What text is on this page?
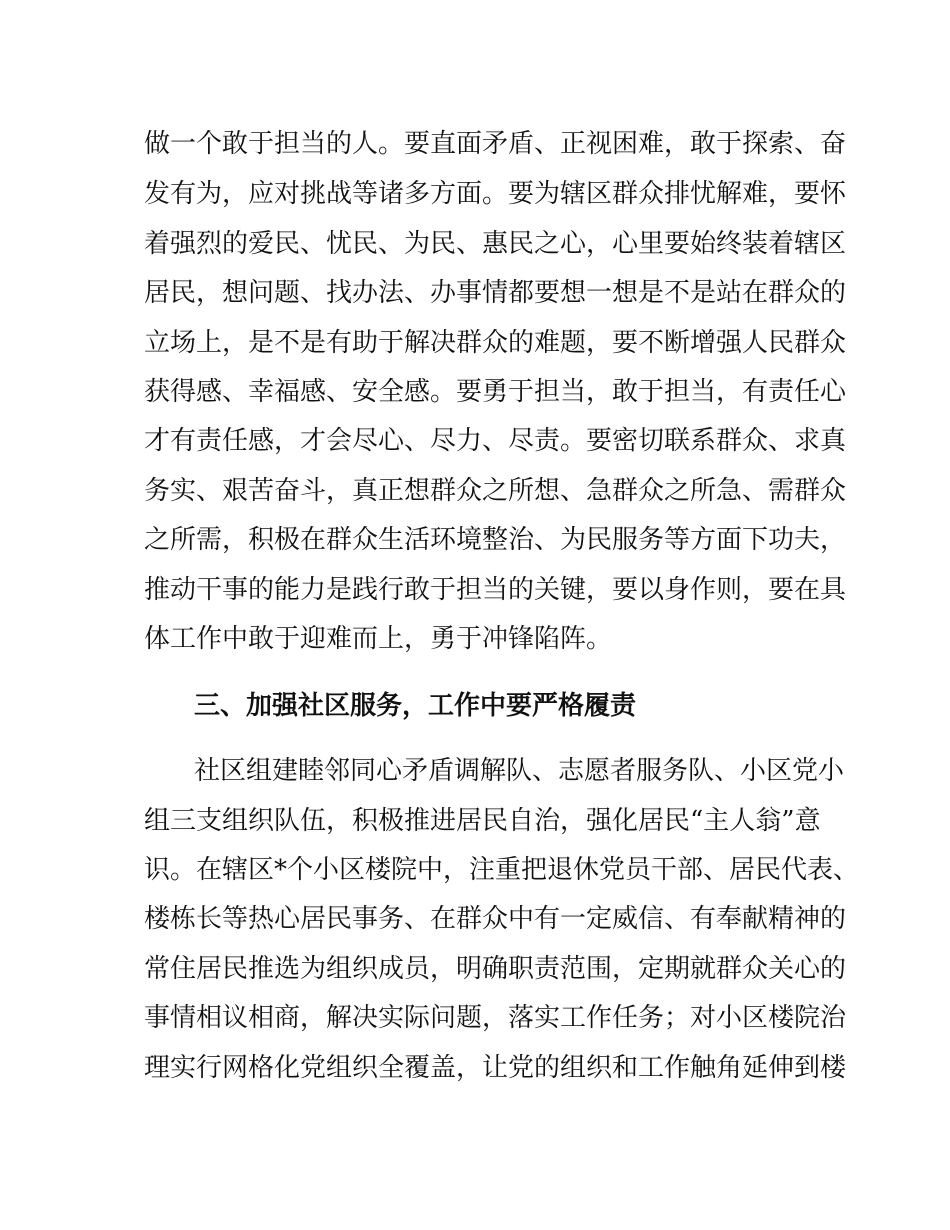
做一个敢于担当的人。要直面矛盾、正视困难，敢于探索、奋
发有为，应对挑战等诸多方面。要为辖区群众排忧解难，要怀
着强烈的爱民、忧民、为民、惠民之心，心里要始终装着辖区
居民，想问题、找办法、办事情都要想一想是不是站在群众的
立场上，是不是有助于解决群众的难题，要不断增强人民群众
获得感、幸福感、安全感。要勇于担当，敢于担当，有责任心
才有责任感，才会尽心、尽力、尽责。要密切联系群众、求真
务实、艰苦奋斗，真正想群众之所想、急群众之所急、需群众
之所需，积极在群众生活环境整治、为民服务等方面下功夫，
推动干事的能力是践行敢于担当的关键，要以身作则，要在具
体工作中敢于迎难而上，勇于冲锋陷阵。
三、加强社区服务，工作中要严格履责
社区组建睦邻同心矛盾调解队、志愿者服务队、小区党小
组三支组织队伍，积极推进居民自治，强化居民“主人翁”意
识。在辖区*个小区楼院中，注重把退休党员干部、居民代表、
楼栋长等热心居民事务、在群众中有一定威信、有奉献精神的
常住居民推选为组织成员，明确职责范围，定期就群众关心的
事情相议相商，解决实际问题，落实工作任务；对小区楼院治
理实行网格化党组织全覆盖，让党的组织和工作触角延伸到楼
